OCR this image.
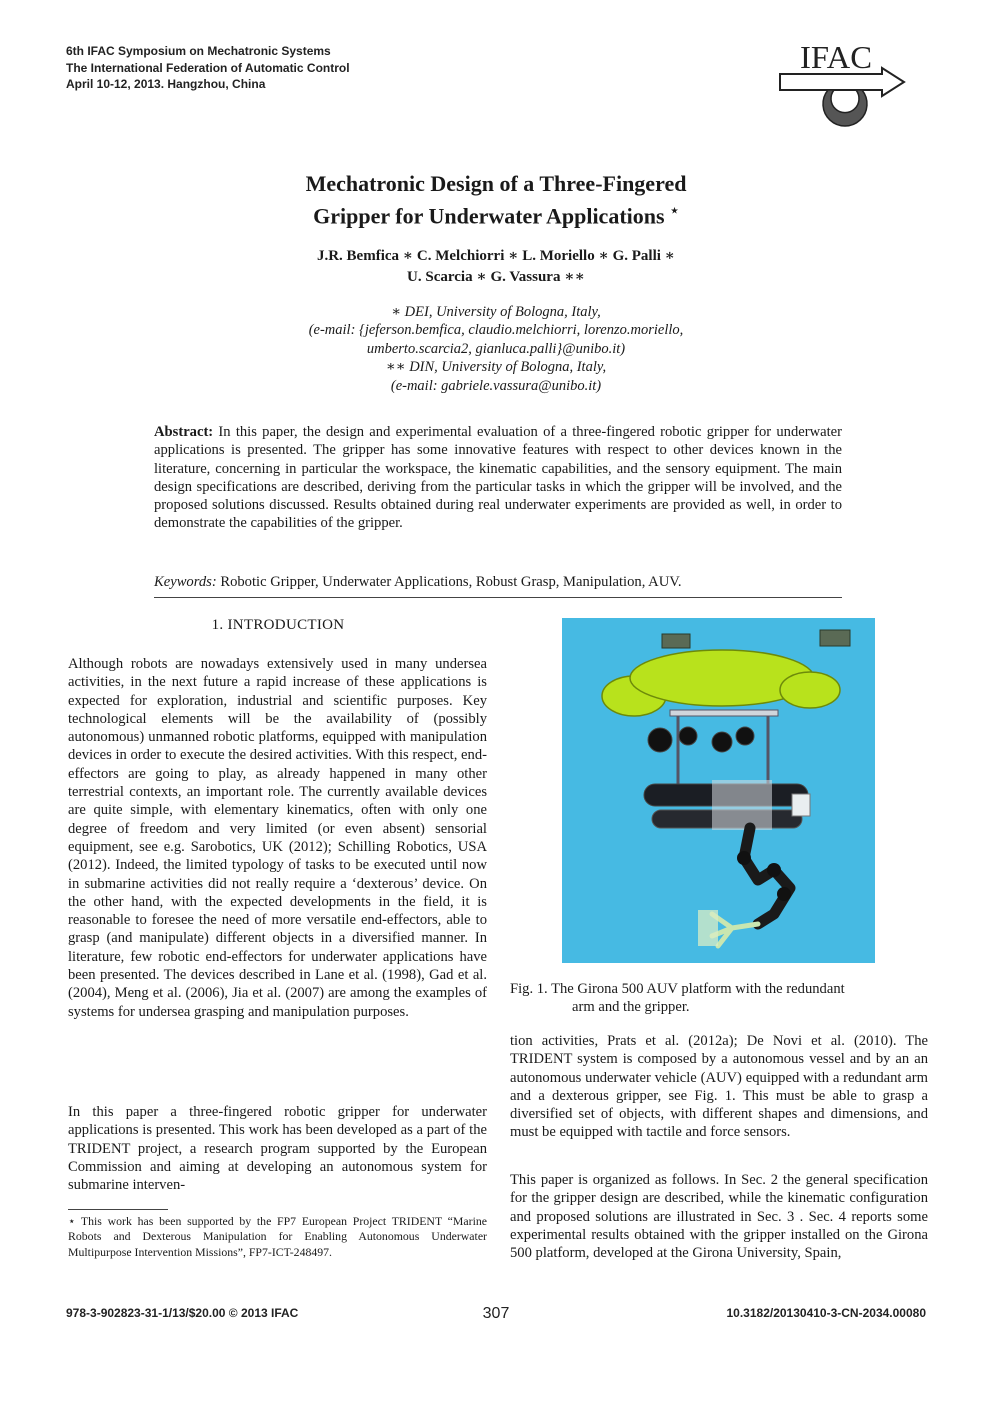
6th IFAC Symposium on Mechatronic Systems
The International Federation of Automatic Control
April 10-12, 2013. Hangzhou, China
IFAC
Mechatronic Design of a Three-Fingered
Gripper for Underwater Applications ⋆
J.R. Bemfica ∗ C. Melchiorri ∗ L. Moriello ∗ G. Palli ∗
U. Scarcia ∗ G. Vassura ∗∗
∗ DEI, University of Bologna, Italy,
(e-mail: {jeferson.bemfica, claudio.melchiorri, lorenzo.moriello,
umberto.scarcia2, gianluca.palli}@unibo.it)
∗∗ DIN, University of Bologna, Italy,
(e-mail: gabriele.vassura@unibo.it)

Abstract: In this paper, the design and experimental evaluation of a three-fingered robotic gripper for underwater applications is presented. The gripper has some innovative features with respect to other devices known in the literature, concerning in particular the workspace, the kinematic capabilities, and the sensory equipment. The main design specifications are described, deriving from the particular tasks in which the gripper will be involved, and the proposed solutions discussed. Results obtained during real underwater experiments are provided as well, in order to demonstrate the capabilities of the gripper.

Keywords: Robotic Gripper, Underwater Applications, Robust Grasp, Manipulation, AUV.
1. INTRODUCTION

Although robots are nowadays extensively used in many undersea activities, in the next future a rapid increase of these applications is expected for exploration, industrial and scientific purposes. Key technological elements will be the availability of (possibly autonomous) unmanned robotic platforms, equipped with manipulation devices in order to execute the desired activities. With this respect, end-effectors are going to play, as already happened in many other terrestrial contexts, an important role. The currently available devices are quite simple, with elementary kinematics, often with only one degree of freedom and very limited (or even absent) sensorial equipment, see e.g. Sarobotics, UK (2012); Schilling Robotics, USA (2012). Indeed, the limited typology of tasks to be executed until now in submarine activities did not really require a ‘dexterous’ device. On the other hand, with the expected developments in the field, it is reasonable to foresee the need of more versatile end-effectors, able to grasp (and manipulate) different objects in a diversified manner. In literature, few robotic end-effectors for underwater applications have been presented. The devices described in Lane et al. (1998), Gad et al. (2004), Meng et al. (2006), Jia et al. (2007) are among the examples of systems for undersea grasping and manipulation purposes.

In this paper a three-fingered robotic gripper for underwater applications is presented. This work has been developed as a part of the TRIDENT project, a research program supported by the European Commission and aiming at developing an autonomous system for submarine interven-

⋆ This work has been supported by the FP7 European Project TRIDENT “Marine Robots and Dexterous Manipulation for Enabling Autonomous Underwater Multipurpose Intervention Missions”, FP7-ICT-248497.
Fig. 1. The Girona 500 AUV platform with the redundant
arm and the gripper.

tion activities, Prats et al. (2012a); De Novi et al. (2010). The TRIDENT system is composed by a autonomous vessel and by an an autonomous underwater vehicle (AUV) equipped with a redundant arm and a dexterous gripper, see Fig. 1. This must be able to grasp a diversified set of objects, with different shapes and dimensions, and must be equipped with tactile and force sensors.

This paper is organized as follows. In Sec. 2 the general specification for the gripper design are described, while the kinematic configuration and proposed solutions are illustrated in Sec. 3 . Sec. 4 reports some experimental results obtained with the gripper installed on the Girona 500 platform, developed at the Girona University, Spain,

978-3-902823-31-1/13/$20.00 © 2013 IFAC	307	10.3182/20130410-3-CN-2034.00080
